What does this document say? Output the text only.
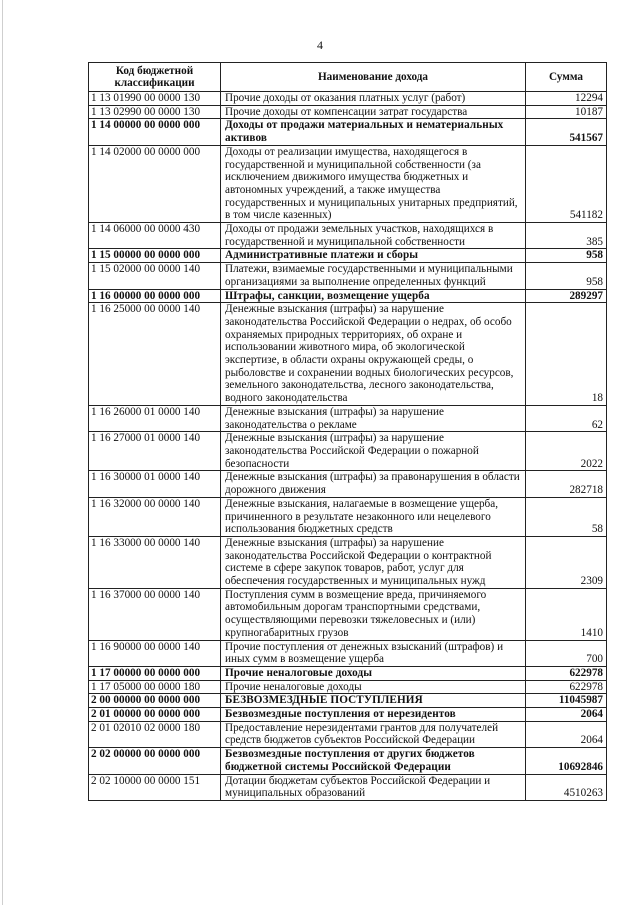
4
Код бюджетной классификации	Наименование дохода	Сумма
1 13 01990 00 0000 130	Прочие доходы от оказания платных услуг (работ)	12294
1 13 02990 00 0000 130	Прочие доходы от компенсации затрат государства	10187
1 14 00000 00 0000 000	Доходы от продажи материальных и нематериальных активов	541567
1 14 02000 00 0000 000	Доходы от реализации имущества, находящегося в государственной и муниципальной собственности (за исключением движимого имущества бюджетных и автономных учреждений, а также имущества государственных и муниципальных унитарных предприятий, в том числе казенных)	541182
1 14 06000 00 0000 430	Доходы от продажи земельных участков, находящихся в государственной и муниципальной собственности	385
1 15 00000 00 0000 000	Административные платежи и сборы	958
1 15 02000 00 0000 140	Платежи, взимаемые государственными и муниципальными организациями за выполнение определенных функций	958
1 16 00000 00 0000 000	Штрафы, санкции, возмещение ущерба	289297
1 16 25000 00 0000 140	Денежные взыскания (штрафы) за нарушение законодательства Российской Федерации о недрах, об особо охраняемых природных территориях, об охране и использовании животного мира, об экологической экспертизе, в области охраны окружающей среды, о рыболовстве и сохранении водных биологических ресурсов, земельного законодательства, лесного законодательства, водного законодательства	18
1 16 26000 01 0000 140	Денежные взыскания (штрафы) за нарушение законодательства о рекламе	62
1 16 27000 01 0000 140	Денежные взыскания (штрафы) за нарушение законодательства Российской Федерации о пожарной безопасности	2022
1 16 30000 01 0000 140	Денежные взыскания (штрафы) за правонарушения в области дорожного движения	282718
1 16 32000 00 0000 140	Денежные взыскания, налагаемые в возмещение ущерба, причиненного в результате незаконного или нецелевого использования бюджетных средств	58
1 16 33000 00 0000 140	Денежные взыскания (штрафы) за нарушение законодательства Российской Федерации о контрактной системе в сфере закупок товаров, работ, услуг для обеспечения государственных и муниципальных нужд	2309
1 16 37000 00 0000 140	Поступления сумм в возмещение вреда, причиняемого автомобильным дорогам транспортными средствами, осуществляющими перевозки тяжеловесных и (или) крупногабаритных грузов	1410
1 16 90000 00 0000 140	Прочие поступления от денежных взысканий (штрафов) и иных сумм в возмещение ущерба	700
1 17 00000 00 0000 000	Прочие неналоговые доходы	622978
1 17 05000 00 0000 180	Прочие неналоговые доходы	622978
2 00 00000 00 0000 000	БЕЗВОЗМЕЗДНЫЕ ПОСТУПЛЕНИЯ	11045987
2 01 00000 00 0000 000	Безвозмездные поступления от нерезидентов	2064
2 01 02010 02 0000 180	Предоставление нерезидентами грантов для получателей средств бюджетов субъектов Российской Федерации	2064
2 02 00000 00 0000 000	Безвозмездные поступления от других бюджетов бюджетной системы Российской Федерации	10692846
2 02 10000 00 0000 151	Дотации бюджетам субъектов Российской Федерации и муниципальных образований	4510263
